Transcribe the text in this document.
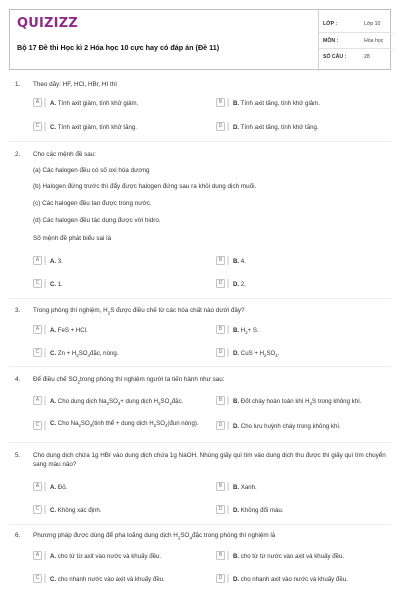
QUIZIZZ
Bộ 17 Đề thi Học kì 2 Hóa học 10 cực hay có đáp án (Đề 11)
LỚP :	Lớp 10
MÔN :	Hóa học
SỐ CÂU :	28
1. Theo dãy: HF, HCl, HBr, HI thì
A	A. Tính axit giảm, tính khử giảm.	B	B. Tính axit tăng, tính khử giảm.
C	C. Tính axit giảm, tính khử tăng.	D	D. Tính axit tăng, tính khử tăng.
2. Cho các mệnh đề sau:
(a) Các halogen đều có số oxi hóa dương
(b) Halogen đứng trước thì đẩy được halogen đứng sau ra khỏi dung dịch muối.
(c) Các halogen đều tan được trong nước.
(d) Các halogen đều tác dụng được với hidro.
Số mệnh đề phát biểu sai là
A	A. 3.	B	B. 4.
C	C. 1.	D	D. 2.
3. Trong phòng thí nghiệm, $H_2S$ được điều chế từ các hóa chất nào dưới đây?
A	A. FeS + HCl.	B	B. $H_2+ S$.
C	C. $Zn + H_2SO_4đặc$, nóng.	D	D. CuS + $H_2SO_4$.
4. Để điều chế $SO_2trong$ phòng thí nghiệm người ta tiến hành như sau:
A	A. Cho dung dịch $Na_2SO_3+$ dung dịch $H_2SO_4đặc$.	B	B. Đốt cháy hoàn toàn khí $H_2S$ trong không khí.
C	C. Cho $Na_2SO_3(tinh$ thể + dung dịch $H_2SO_4(đun$ nóng).	D	D. Cho lưu huỳnh cháy trong không khí.
5. Cho dung dịch chứa 1g HBr vào dung dịch chứa 1g NaOH. Nhúng giấy quì tím vào dung dịch thu được thì giấy quì tím chuyển sang màu nào?
A	A. Đỏ.	B	B. Xanh.
C	C. Không xác định.	D	D. Không đổi màu.
6. Phương pháp được dùng để pha loãng dung dịch $H_2SO_4đặc$ trong phòng thí nghiệm là
A	A. cho từ từ axit vào nước và khuấy đều.	B	B. cho từ từ nước vào axit và khuấy đều.
C	C. cho nhanh nước vào axit và khuấy đều.	D	D. cho nhanh axit vào nước và khuấy đều.
